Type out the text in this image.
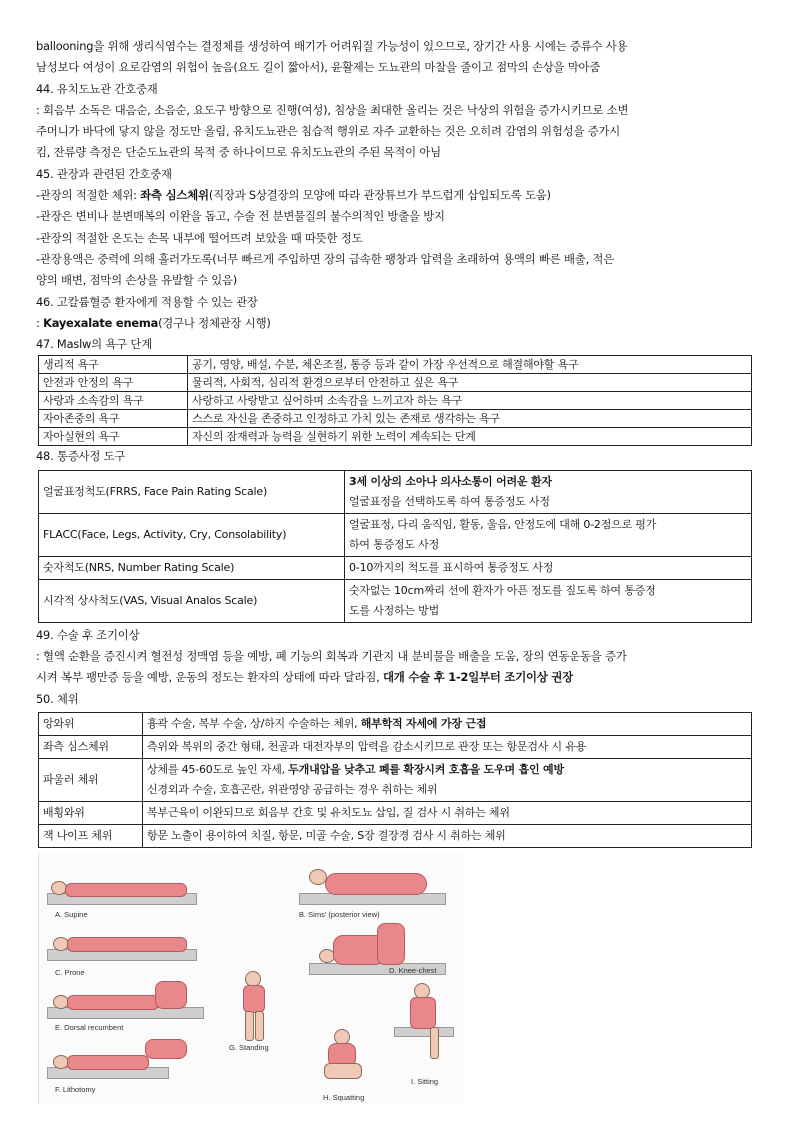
ballooning을 위해 생리식염수는 결정체를 생성하여 배기가 어려워질 가능성이 있으므로, 장기간 사용 시에는 증류수 사용
남성보다 여성이 요로감염의 위험이 높음(요도 길이 짧아서), 윤활제는 도뇨관의 마찰을 줄이고 점막의 손상을 막아줌
44. 유치도뇨관 간호중재
: 회음부 소독은 대음순, 소음순, 요도구 방향으로 진행(여성), 침상을 최대한 올리는 것은 낙상의 위험을 증가시키므로 소변
주머니가 바닥에 닿지 않을 정도만 올림, 유치도뇨관은 침습적 행위로 자주 교환하는 것은 오히려 감염의 위험성을 증가시
킴, 잔류량 측정은 단순도뇨관의 목적 중 하나이므로 유치도뇨관의 주된 목적이 아님
45. 관장과 관련된 간호중재
-관장의 적절한 체위: 좌측 심스체위(직장과 S상결장의 모양에 따라 관장튜브가 부드럽게 삽입되도록 도움)
-관장은 변비나 분변매복의 이완을 돕고, 수술 전 분변물질의 불수의적인 방출을 방지
-관장의 적절한 온도는 손목 내부에 떨어뜨려 보았을 때 따뜻한 정도
-관장용액은 중력에 의해 흘러가도록(너무 빠르게 주입하면 장의 급속한 팽창과 압력을 초래하여 용액의 빠른 배출, 적은
양의 배변, 점막의 손상을 유발할 수 있음)
46. 고칼륨혈증 환자에게 적용할 수 있는 관장
: Kayexalate enema(경구나 정체관장 시행)
47. Maslw의 욕구 단계
생리적 욕구	공기, 영양, 배설, 수분, 체온조절, 통증 등과 같이 가장 우선적으로 해결해야할 욕구
안전과 안정의 욕구	물리적, 사회적, 심리적 환경으로부터 안전하고 싶은 욕구
사랑과 소속감의 욕구	사랑하고 사랑받고 싶어하며 소속감을 느끼고자 하는 욕구
자아존중의 욕구	스스로 자신을 존중하고 인정하고 가치 있는 존재로 생각하는 욕구
자아실현의 욕구	자신의 잠재력과 능력을 실현하기 위한 노력이 계속되는 단계
48. 통증사정 도구
얼굴표정척도(FRRS, Face Pain Rating Scale)	3세 이상의 소아나 의사소통이 어려운 환자
얼굴표정을 선택하도록 하여 통증정도 사정
FLACC(Face, Legs, Activity, Cry, Consolability)	얼굴표정, 다리 움직임, 활동, 울음, 안정도에 대해 0-2점으로 평가
하여 통증정도 사정
숫자척도(NRS, Number Rating Scale)	0-10까지의 척도를 표시하여 통증정도 사정
시각적 상사척도(VAS, Visual Analos Scale)	숫자없는 10cm짜리 선에 환자가 아픈 정도를 짚도록 하여 통증정
도를 사정하는 방법
49. 수술 후 조기이상
: 혈액 순환을 증진시켜 혈전성 정맥염 등을 예방, 폐 기능의 회복과 기관지 내 분비물을 배출을 도움, 장의 연동운동을 증가
시켜 복부 팽만증 등을 예방, 운동의 정도는 환자의 상태에 따라 달라짐, 대개 수술 후 1-2일부터 조기이상 권장
50. 체위
앙와위	흉곽 수술, 복부 수술, 상/하지 수술하는 체위, 해부학적 자세에 가장 근접
좌측 심스체위	측위와 복위의 중간 형태, 천골과 대전자부의 압력을 감소시키므로 관장 또는 항문검사 시 유용
파울러 체위	상체를 45-60도로 높인 자세, 두개내압을 낮추고 폐를 확장시켜 호흡을 도우며 흡인 예방
신경외과 수술, 호흡곤란, 위관영양 공급하는 경우 취하는 체위
배횡와위	복부근육이 이완되므로 회음부 간호 및 유치도뇨 삽입, 질 검사 시 취하는 체위
잭 나이프 체위	항문 노출이 용이하여 치질, 항문, 미골 수술, S장 결장경 검사 시 취하는 체위
A. Supine	B. Sims' (posterior view)
C. Prone	D. Knee-chest
E. Dorsal recumbent
G. Standing
I. Sitting
F. Lithotomy
H. Squatting
